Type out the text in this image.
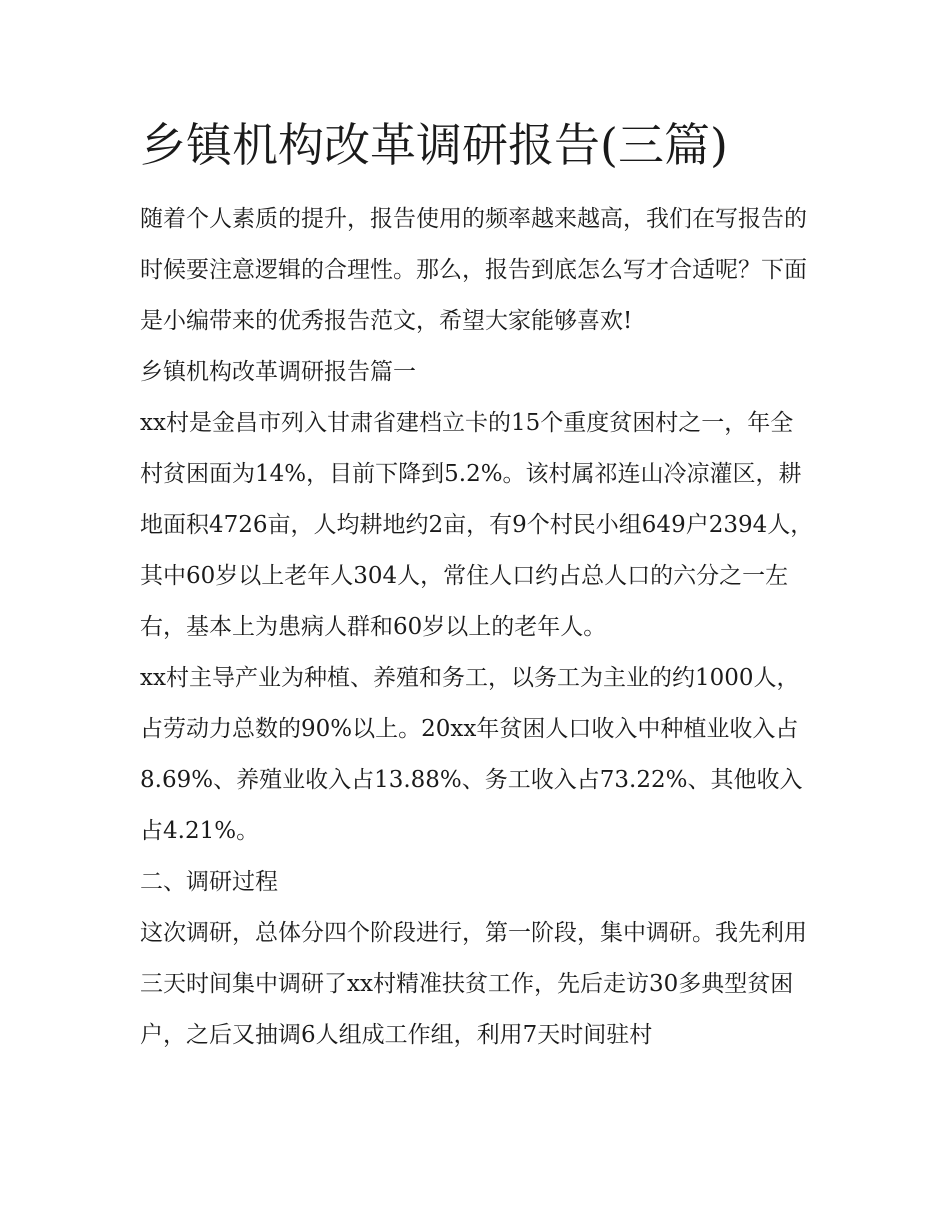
乡镇机构改革调研报告(三篇)

随着个人素质的提升，报告使用的频率越来越高，我们在写报告的时候要注意逻辑的合理性。那么，报告到底怎么写才合适呢？下面是小编带来的优秀报告范文，希望大家能够喜欢!

乡镇机构改革调研报告篇一

xx村是金昌市列入甘肃省建档立卡的15个重度贫困村之一，年全村贫困面为14%，目前下降到5.2%。该村属祁连山冷凉灌区，耕地面积4726亩，人均耕地约2亩，有9个村民小组649户2394人，其中60岁以上老年人304人，常住人口约占总人口的六分之一左右，基本上为患病人群和60岁以上的老年人。

xx村主导产业为种植、养殖和务工，以务工为主业的约1000人，占劳动力总数的90%以上。20xx年贫困人口收入中种植业收入占8.69%、养殖业收入占13.88%、务工收入占73.22%、其他收入占4.21%。

二、调研过程

这次调研，总体分四个阶段进行，第一阶段，集中调研。我先利用三天时间集中调研了xx村精准扶贫工作，先后走访30多典型贫困户，之后又抽调6人组成工作组，利用7天时间驻村
